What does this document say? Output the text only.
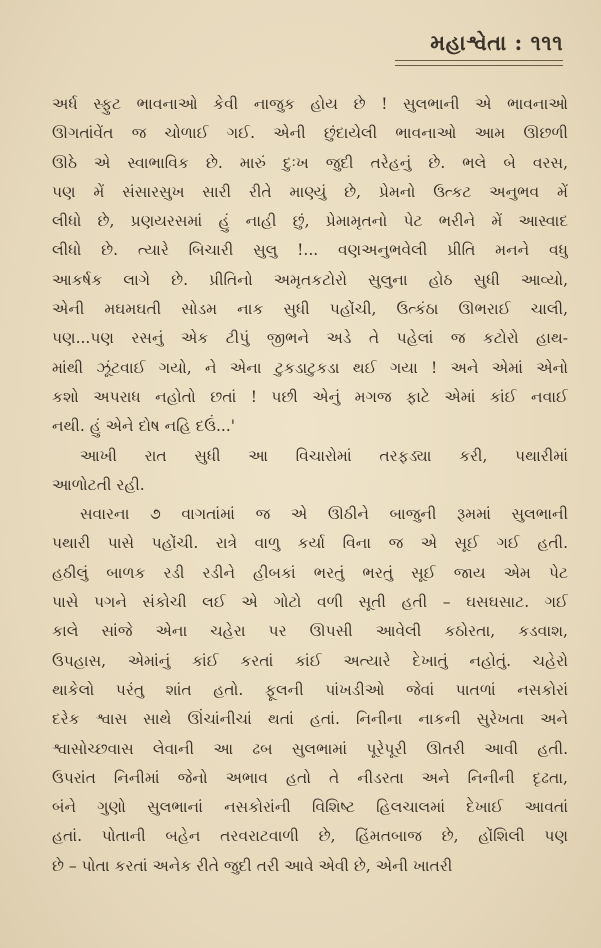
મહાશ્વેતા : ૧૧૧
અર્ધ સ્ફુટ ભાવનાઓ કેવી નાજુક હોય છે ! સુલભાની એ ભાવનાઓ
ઊગતાંવેંત જ ચોળાઈ ગઈ. એની છુંદાયેલી ભાવનાઓ આમ ઊછળી
ઊઠે એ સ્વાભાવિક છે. મારું દુઃખ જુદી તરેહનું છે. ભલે બે વરસ,
પણ મેં સંસારસુખ સારી રીતે માણ્યું છે, પ્રેમનો ઉત્કટ અનુભવ મેં
લીધો છે, પ્રણયરસમાં હું નાહી છું, પ્રેમામૃતનો પેટ ભરીને મેં આસ્વાદ
લીધો છે. ત્યારે બિચારી સુલુ !... વણઅનુભવેલી પ્રીતિ મનને વધુ
આકર્ષક લાગે છે. પ્રીતિનો અમૃતકટોરો સુલુના હોઠ સુધી આવ્યો,
એની મઘમઘતી સોડમ નાક સુધી પહોંચી, ઉત્કંઠા ઊભરાઈ ચાલી,
પણ...પણ રસનું એક ટીપું જીભને અડે તે પહેલાં જ કટોરો હાથ-
માંથી ઝૂંટવાઈ ગયો, ને એના ટુકડાટુકડા થઈ ગયા ! અને એમાં એનો
કશો અપરાધ નહોતો છતાં ! પછી એનું મગજ ફાટે એમાં કાંઈ નવાઈ
નથી. હું એને દોષ નહિ દઉં...'
આખી રાત સુધી આ વિચારોમાં તરફડ્યા કરી, પથારીમાં
આળોટતી રહી.
સવારના ૭ વાગતાંમાં જ એ ઊઠીને બાજુની રૂમમાં સુલભાની
પથારી પાસે પહોંચી. રાત્રે વાળુ કર્યા વિના જ એ સૂઈ ગઈ હતી.
હઠીલું બાળક રડી રડીને હીબકાં ભરતું ભરતું સૂઈ જાય એમ પેટ
પાસે પગને સંકોચી લઈ એ ગોટો વળી સૂતી હતી – ઘસઘસાટ. ગઈ
કાલે સાંજે એના ચહેરા પર ઊપસી આવેલી કઠોરતા, કડવાશ,
ઉપહાસ, એમાંનું કાંઈ કરતાં કાંઈ અત્યારે દેખાતું નહોતું. ચહેરો
થાકેલો પરંતુ શાંત હતો. ફૂલની પાંખડીઓ જેવાં પાતળાં નસકોરાં
દરેક શ્વાસ સાથે ઊંચાંનીચાં થતાં હતાં. નિનીના નાકની સુરેખતા અને
શ્વાસોચ્છવાસ લેવાની આ ઢબ સુલભામાં પૂરેપૂરી ઊતરી આવી હતી.
ઉપરાંત નિનીમાં જેનો અભાવ હતો તે નીડરતા અને નિનીની દૃઢતા,
બંને ગુણો સુલભાનાં નસકોરાંની વિશિષ્ટ હિલચાલમાં દેખાઈ આવતાં
હતાં. પોતાની બહેન તરવરાટવાળી છે, હિંમતબાજ છે, હોંશિલી પણ
છે – પોતા કરતાં અનેક રીતે જુદી તરી આવે એવી છે, એની ખાતરી
